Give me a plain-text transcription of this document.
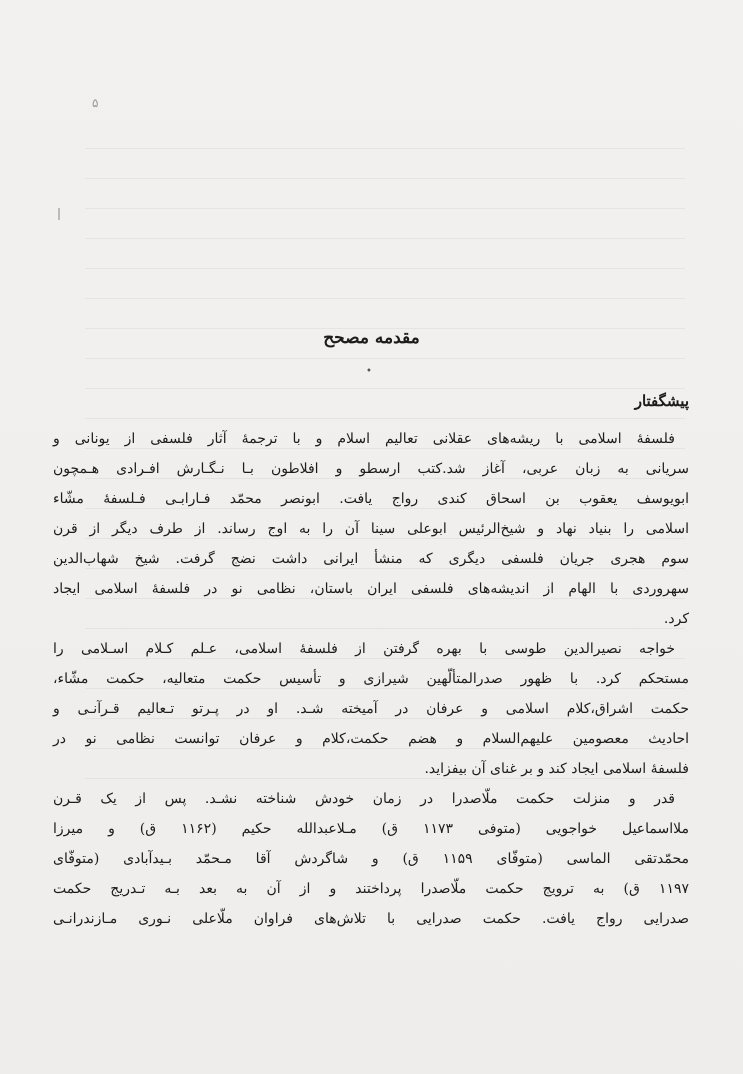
۵
مقدمه مصحح
•
پیشگفتار
فلسفهٔ اسلامی با ریشه‌های عقلانی تعالیم اسلام و با ترجمهٔ آثار فلسفی از یونانی و
سریانی به زبان عربی، آغاز شد.کتب ارسطو و افلاطون بـا نـگـارش افـرادی هـمچون
ابویوسف یعقوب بن اسحاق کندی رواج یافت. ابونصر محمّد فـارابـی فـلسفهٔ مشّاء
اسلامی را بنیاد نهاد و شیخ‌الرئیس ابوعلی سینا آن را به اوج رساند. از طرف دیگر از قرن
سوم هجری جریان فلسفی دیگری که منشأ ایرانی داشت نضج گرفت. شیخ شهاب‌الدین
سهروردی با الهام از اندیشه‌های فلسفی ایران باستان، نظامی نو در فلسفهٔ اسلامی ایجاد
کرد.
خواجه نصیرالدین طوسی با بهره گرفتن از فلسفهٔ اسلامی، عـلم کـلام اسـلامی را
مستحکم کرد. با ظهور صدرالمتألّهین شیرازی و تأسیس حکمت متعالیه، حکمت مشّاء،
حکمت اشراق،کلام اسلامی و عرفان در آمیخته شـد. او در پـرتو تـعالیم قـرآنـی و
احادیث معصومین علیهم‌السلام و هضم حکمت،کلام و عرفان توانست نظامی نو در
فلسفهٔ اسلامی ایجاد کند و بر غنای آن بیفزاید.
قدر و منزلت حکمت ملّاصدرا در زمان خودش شناخته نشـد. پس از یک قـرن
ملااسماعیل خواجویی (متوفی ۱۱۷۳ ق) مـلاعبدالله حکیم (۱۱۶۲ ق) و میرزا
محمّدتقی الماسی (متوفّای ۱۱۵۹ ق) و شاگردش آقا مـحمّد بـیدآبادی (متوفّای
۱۱۹۷ ق) به ترویج حکمت ملّاصدرا پرداختند و از آن به بعد بـه تـدریج حکمت
صدرایی رواج یافت. حکمت صدرایی با تلاش‌های فراوان ملّاعلی نـوری مـازندرانـی
